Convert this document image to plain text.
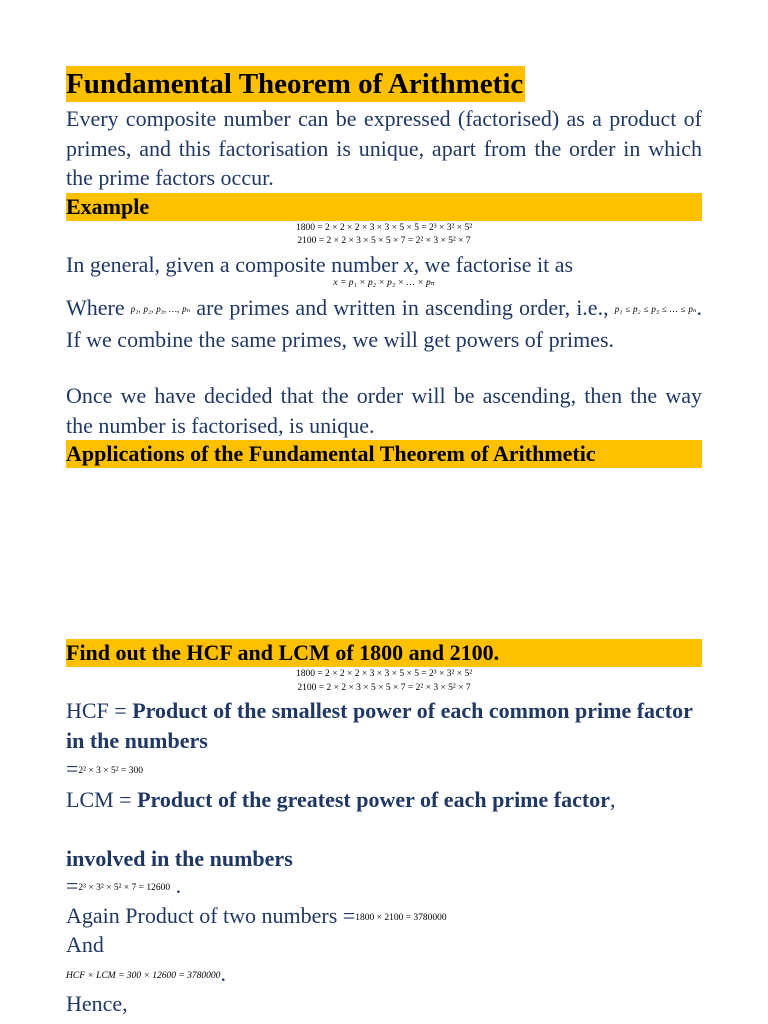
Fundamental Theorem of Arithmetic

Every composite number can be expressed (factorised) as a product of primes, and this factorisation is unique, apart from the order in which the prime factors occur.

Example
1800 = 2 × 2 × 2 × 3 × 3 × 5 × 5 = 2³ × 3² × 5²
2100 = 2 × 2 × 3 × 5 × 5 × 7 = 2² × 3 × 5² × 7

In general, given a composite number x, we factorise it as

x = p₁ × p₂ × p₃ × … × pₙ

Where p₁, p₂, p₃, …, pₙ are primes and written in ascending order, i.e., p₁ ≤ p₂ ≤ p₃ ≤ … ≤ pₙ. If we combine the same primes, we will get powers of primes.

Once we have decided that the order will be ascending, then the way the number is factorised, is unique.

Applications of the Fundamental Theorem of Arithmetic
Find out the HCF and LCM of 1800 and 2100.
1800 = 2 × 2 × 2 × 3 × 3 × 5 × 5 = 2³ × 3² × 5²
2100 = 2 × 2 × 3 × 5 × 5 × 7 = 2² × 3 × 5² × 7

HCF = Product of the smallest power of each common prime factor in the numbers

=2² × 3 × 5² = 300

LCM = Product of the greatest power of each prime factor,

involved in the numbers
=2³ × 3² × 5² × 7 = 12600 .
Again Product of two numbers =1800 × 2100 = 3780000
And
HCF × LCM = 300 × 12600 = 3780000.
Hence,
